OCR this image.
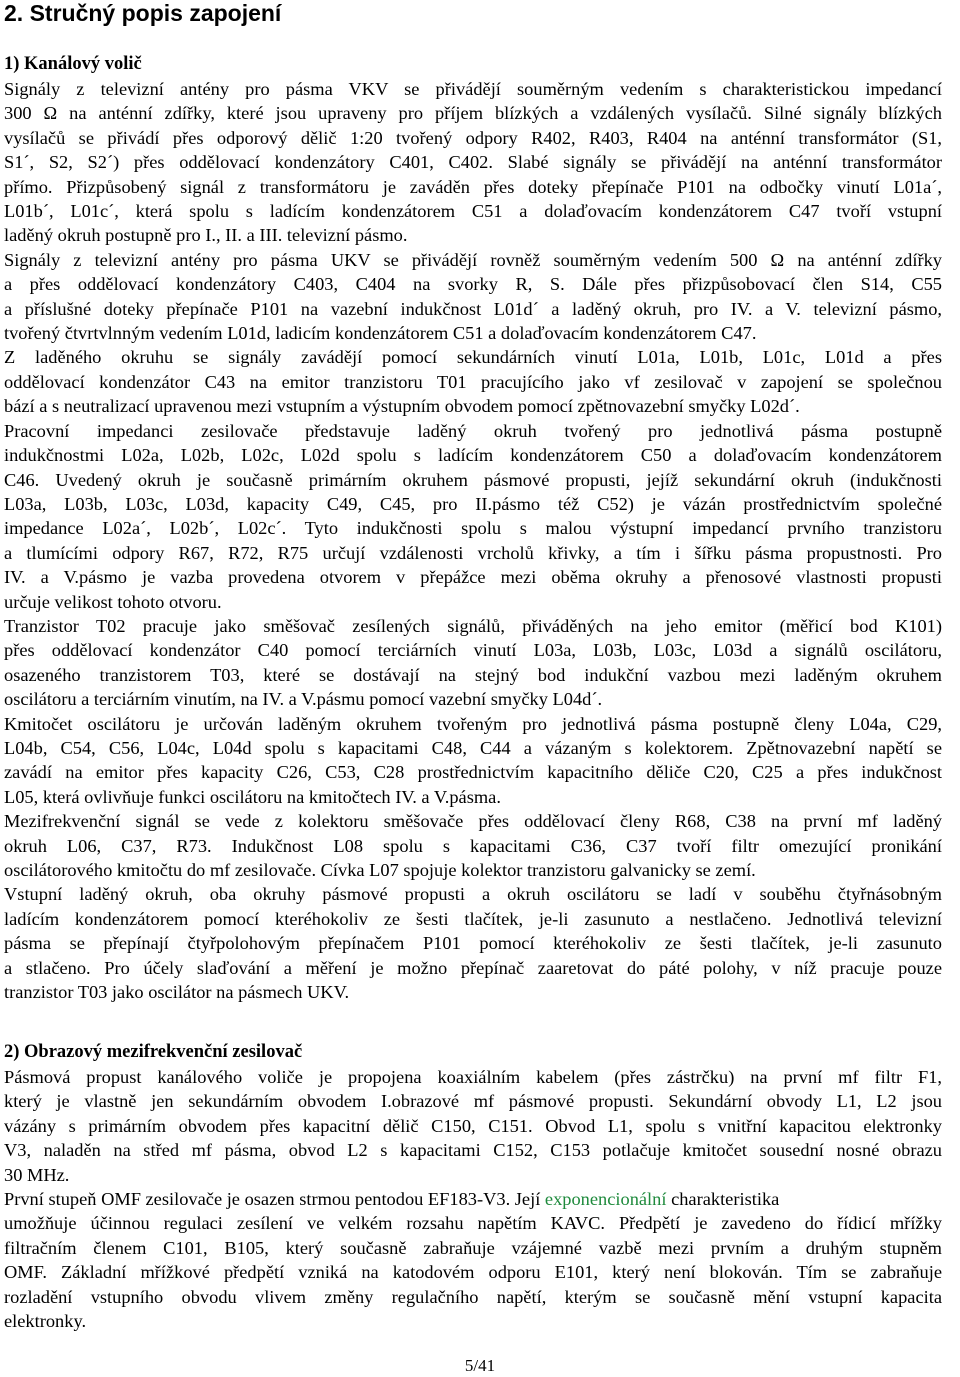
2. Stručný popis zapojení
1) Kanálový volič
Signály z televizní antény pro pásma VKV se přivádějí souměrným vedením s charakteristickou impedancí
300 Ω na anténní zdířky, které jsou upraveny pro příjem blízkých a vzdálených vysílačů. Silné signály blízkých
vysílačů se přivádí přes odporový dělič 1:20 tvořený odpory R402, R403, R404 na anténní transformátor (S1,
S1´, S2, S2´) přes oddělovací kondenzátory C401, C402. Slabé signály se přivádějí na anténní transformátor
přímo. Přizpůsobený signál z transformátoru je zaváděn přes doteky přepínače P101 na odbočky vinutí L01a´,
L01b´, L01c´, která spolu s ladícím kondenzátorem C51 a dolaďovacím kondenzátorem C47 tvoří vstupní
laděný okruh postupně pro I., II. a III. televizní pásmo.
Signály z televizní antény pro pásma UKV se přivádějí rovněž souměrným vedením 500 Ω na anténní zdířky
a přes oddělovací kondenzátory C403, C404 na svorky R, S. Dále přes přizpůsobovací člen S14, C55
a příslušné doteky přepínače P101 na vazební indukčnost L01d´ a laděný okruh, pro IV. a V. televizní pásmo,
tvořený čtvrtvlnným vedením L01d, ladicím kondenzátorem C51 a dolaďovacím kondenzátorem C47.
Z laděného okruhu se signály zavádějí pomocí sekundárních vinutí L01a, L01b, L01c, L01d a přes
oddělovací kondenzátor C43 na emitor tranzistoru T01 pracujícího jako vf zesilovač v zapojení se společnou
bází a s neutralizací upravenou mezi vstupním a výstupním obvodem pomocí zpětnovazební smyčky L02d´.
Pracovní impedanci zesilovače představuje laděný okruh tvořený pro jednotlivá pásma postupně
indukčnostmi L02a, L02b, L02c, L02d spolu s ladícím kondenzátorem C50 a dolaďovacím kondenzátorem
C46. Uvedený okruh je současně primárním okruhem pásmové propusti, jejíž sekundární okruh (indukčnosti
L03a, L03b, L03c, L03d, kapacity C49, C45, pro II.pásmo též C52) je vázán prostřednictvím společné
impedance L02a´, L02b´, L02c´. Tyto indukčnosti spolu s malou výstupní impedancí prvního tranzistoru
a tlumícími odpory R67, R72, R75 určují vzdálenosti vrcholů křivky, a tím i šířku pásma propustnosti. Pro
IV. a V.pásmo je vazba provedena otvorem v přepážce mezi oběma okruhy a přenosové vlastnosti propusti
určuje velikost tohoto otvoru.
Tranzistor T02 pracuje jako směšovač zesílených signálů, přiváděných na jeho emitor (měřicí bod K101)
přes oddělovací kondenzátor C40 pomocí terciárních vinutí L03a, L03b, L03c, L03d a signálů oscilátoru,
osazeného tranzistorem T03, které se dostávají na stejný bod indukční vazbou mezi laděným okruhem
oscilátoru a terciárním vinutím, na IV. a V.pásmu pomocí vazební smyčky L04d´.
Kmitočet oscilátoru je určován laděným okruhem tvořeným pro jednotlivá pásma postupně členy L04a, C29,
L04b, C54, C56, L04c, L04d spolu s kapacitami C48, C44 a vázaným s kolektorem. Zpětnovazební napětí se
zavádí na emitor přes kapacity C26, C53, C28 prostřednictvím kapacitního děliče C20, C25 a přes indukčnost
L05, která ovlivňuje funkci oscilátoru na kmitočtech IV. a V.pásma.
Mezifrekvenční signál se vede z kolektoru směšovače přes oddělovací členy R68, C38 na první mf laděný
okruh L06, C37, R73. Indukčnost L08 spolu s kapacitami C36, C37 tvoří filtr omezující pronikání
oscilátorového kmitočtu do mf zesilovače. Cívka L07 spojuje kolektor tranzistoru galvanicky se zemí.
Vstupní laděný okruh, oba okruhy pásmové propusti a okruh oscilátoru se ladí v souběhu čtyřnásobným
ladícím kondenzátorem pomocí kteréhokoliv ze šesti tlačítek, je-li zasunuto a nestlačeno. Jednotlivá televizní
pásma se přepínají čtyřpolohovým přepínačem P101 pomocí kteréhokoliv ze šesti tlačítek, je-li zasunuto
a stlačeno. Pro účely slaďování a měření je možno přepínač zaaretovat do páté polohy, v níž pracuje pouze
tranzistor T03 jako oscilátor na pásmech UKV.
2) Obrazový mezifrekvenční zesilovač
Pásmová propust kanálového voliče je propojena koaxiálním kabelem (přes zástrčku) na první mf filtr F1,
který je vlastně jen sekundárním obvodem I.obrazové mf pásmové propusti. Sekundární obvody L1, L2 jsou
vázány s primárním obvodem přes kapacitní dělič C150, C151. Obvod L1, spolu s vnitřní kapacitou elektronky
V3, naladěn na střed mf pásma, obvod L2 s kapacitami C152, C153 potlačuje kmitočet sousední nosné obrazu
30 MHz.
První stupeň OMF zesilovače je osazen strmou pentodou EF183-V3. Její exponencionální charakteristika
umožňuje účinnou regulaci zesílení ve velkém rozsahu napětím KAVC. Předpětí je zavedeno do řídicí mřížky
filtračním členem C101, B105, který současně zabraňuje vzájemné vazbě mezi prvním a druhým stupněm
OMF. Základní mřížkové předpětí vzniká na katodovém odporu E101, který není blokován. Tím se zabraňuje
rozladění vstupního obvodu vlivem změny regulačního napětí, kterým se současně mění vstupní kapacita
elektronky.
5/41
